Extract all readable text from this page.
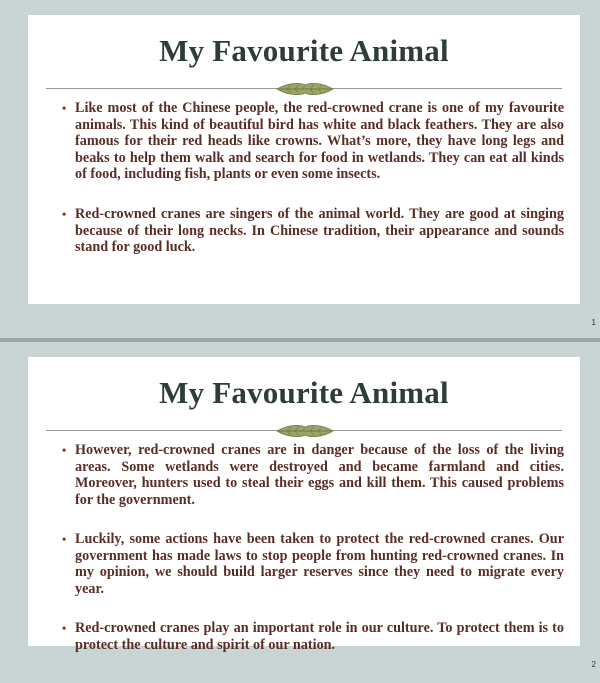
My Favourite Animal
• Like most of the Chinese people, the red-crowned crane is one of my favourite animals. This kind of beautiful bird has white and black feathers. They are also famous for their red heads like crowns. What’s more, they have long legs and beaks to help them walk and search for food in wetlands. They can eat all kinds of food, including fish, plants or even some insects.
• Red-crowned cranes are singers of the animal world. They are good at singing because of their long necks. In Chinese tradition, their appearance and sounds stand for good luck.
1
My Favourite Animal
• However, red-crowned cranes are in danger because of the loss of the living areas. Some wetlands were destroyed and became farmland and cities. Moreover, hunters used to steal their eggs and kill them. This caused problems for the government.
• Luckily, some actions have been taken to protect the red-crowned cranes. Our government has made laws to stop people from hunting red-crowned cranes. In my opinion, we should build larger reserves since they need to migrate every year.
• Red-crowned cranes play an important role in our culture. To protect them is to protect the culture and spirit of our nation.
2
